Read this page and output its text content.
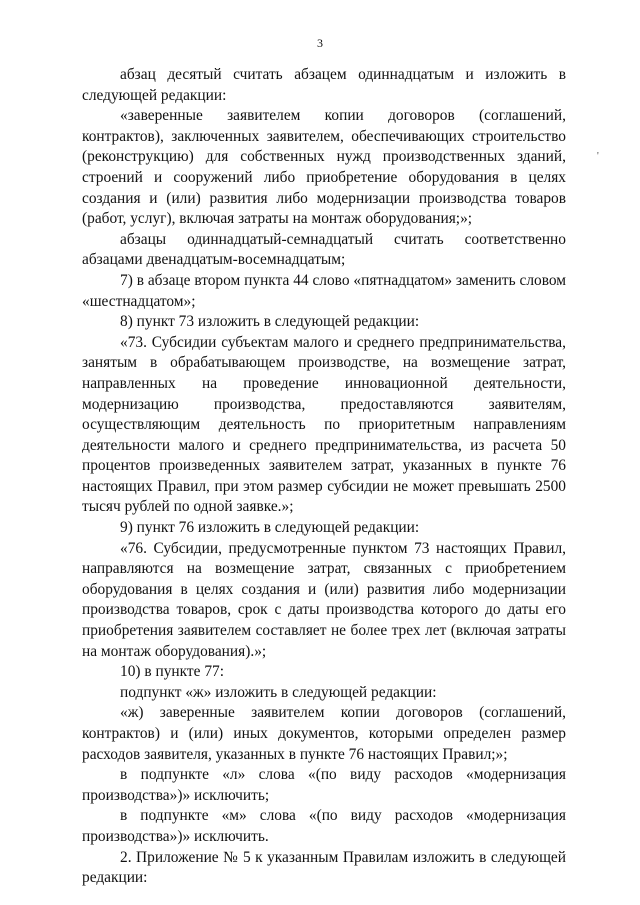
3
'

абзац десятый считать абзацем одиннадцатым и изложить в следующей редакции:

«заверенные заявителем копии договоров (соглашений, контрактов), заключенных заявителем, обеспечивающих строительство (реконструкцию) для собственных нужд производственных зданий, строений и сооружений либо приобретение оборудования в целях создания и (или) развития либо модернизации производства товаров (работ, услуг), включая затраты на монтаж оборудования;»;

абзацы одиннадцатый-семнадцатый считать соответственно абзацами двенадцатым-восемнадцатым;

7) в абзаце втором пункта 44 слово «пятнадцатом» заменить словом «шестнадцатом»;

8) пункт 73 изложить в следующей редакции:

«73. Субсидии субъектам малого и среднего предпринимательства, занятым в обрабатывающем производстве, на возмещение затрат, направленных на проведение инновационной деятельности, модернизацию производства, предоставляются заявителям, осуществляющим деятельность по приоритетным направлениям деятельности малого и среднего предпринимательства, из расчета 50 процентов произведенных заявителем затрат, указанных в пункте 76 настоящих Правил, при этом размер субсидии не может превышать 2500 тысяч рублей по одной заявке.»;

9) пункт 76 изложить в следующей редакции:

«76. Субсидии, предусмотренные пунктом 73 настоящих Правил, направляются на возмещение затрат, связанных с приобретением оборудования в целях создания и (или) развития либо модернизации производства товаров, срок с даты производства которого до даты его приобретения заявителем составляет не более трех лет (включая затраты на монтаж оборудования).»;

10) в пункте 77:

подпункт «ж» изложить в следующей редакции:

«ж) заверенные заявителем копии договоров (соглашений, контрактов) и (или) иных документов, которыми определен размер расходов заявителя, указанных в пункте 76 настоящих Правил;»;

в подпункте «л» слова «(по виду расходов «модернизация производства»)» исключить;

в подпункте «м» слова «(по виду расходов «модернизация производства»)» исключить.

2. Приложение № 5 к указанным Правилам изложить в следующей редакции:
